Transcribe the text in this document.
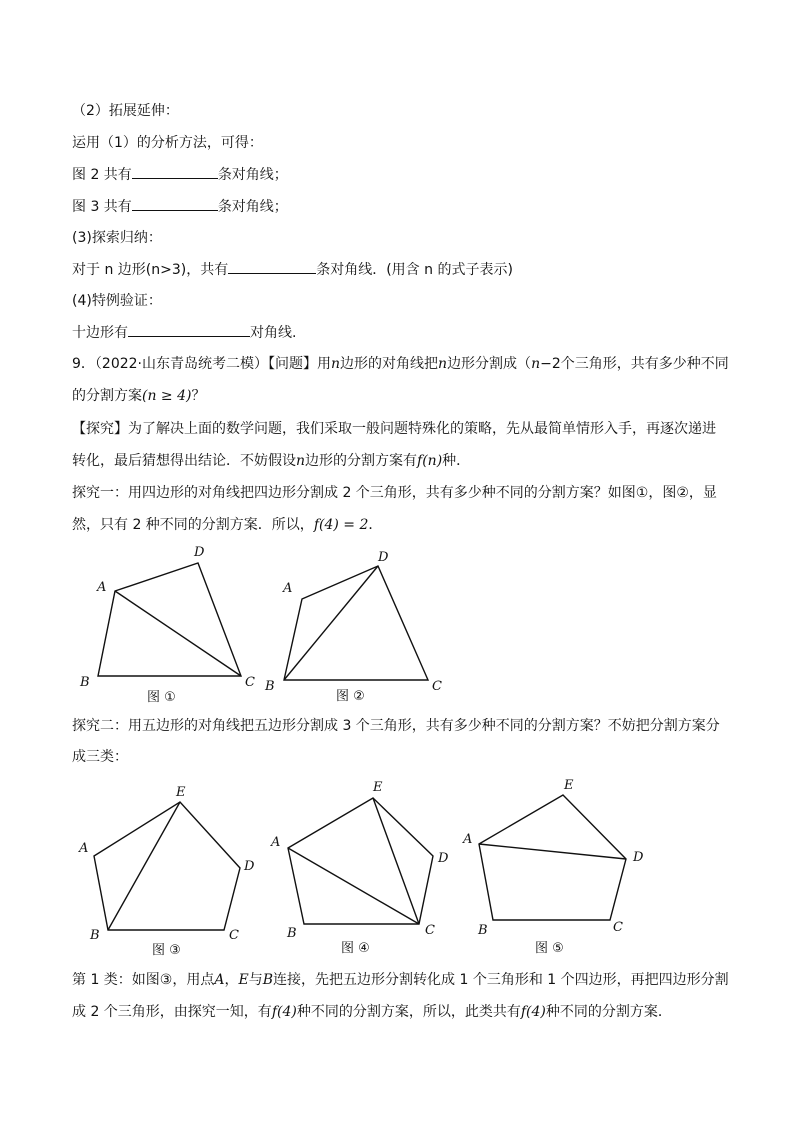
（2）拓展延伸：
运用（1）的分析方法，可得：
图 2 共有	条对角线；
图 3 共有	条对角线；
(3)探索归纳：
对于 n 边形(n>3)，共有	条对角线．(用含 n 的式子表示)
(4)特例验证：
十边形有	对角线.
9．（2022·山东青岛统考二模）【问题】用n边形的对角线把n边形分割成（n−2个三角形，共有多少种不同
的分割方案(n ≥ 4)？
【探究】为了解决上面的数学问题，我们采取一般问题特殊化的策略，先从最简单情形入手，再逐次递进
转化，最后猜想得出结论．不妨假设n边形的分割方案有f(n)种．
探究一：用四边形的对角线把四边形分割成 2 个三角形，共有多少种不同的分割方案？如图①，图②，显
然，只有 2 种不同的分割方案．所以，f(4) = 2．
探究二：用五边形的对角线把五边形分割成 3 个三角形，共有多少种不同的分割方案？不妨把分割方案分
成三类：
第 1 类：如图③，用点A，E与B连接，先把五边形分割转化成 1 个三角形和 1 个四边形，再把四边形分割
成 2 个三角形，由探究一知，有f(4)种不同的分割方案，所以，此类共有f(4)种不同的分割方案．
A
B	C
D
图 ①
A
B	C
D
图 ②
A
B	C
D
E
图 ③
A
B	C
D
E
图 ④
A
B	C
D
E
图 ⑤
